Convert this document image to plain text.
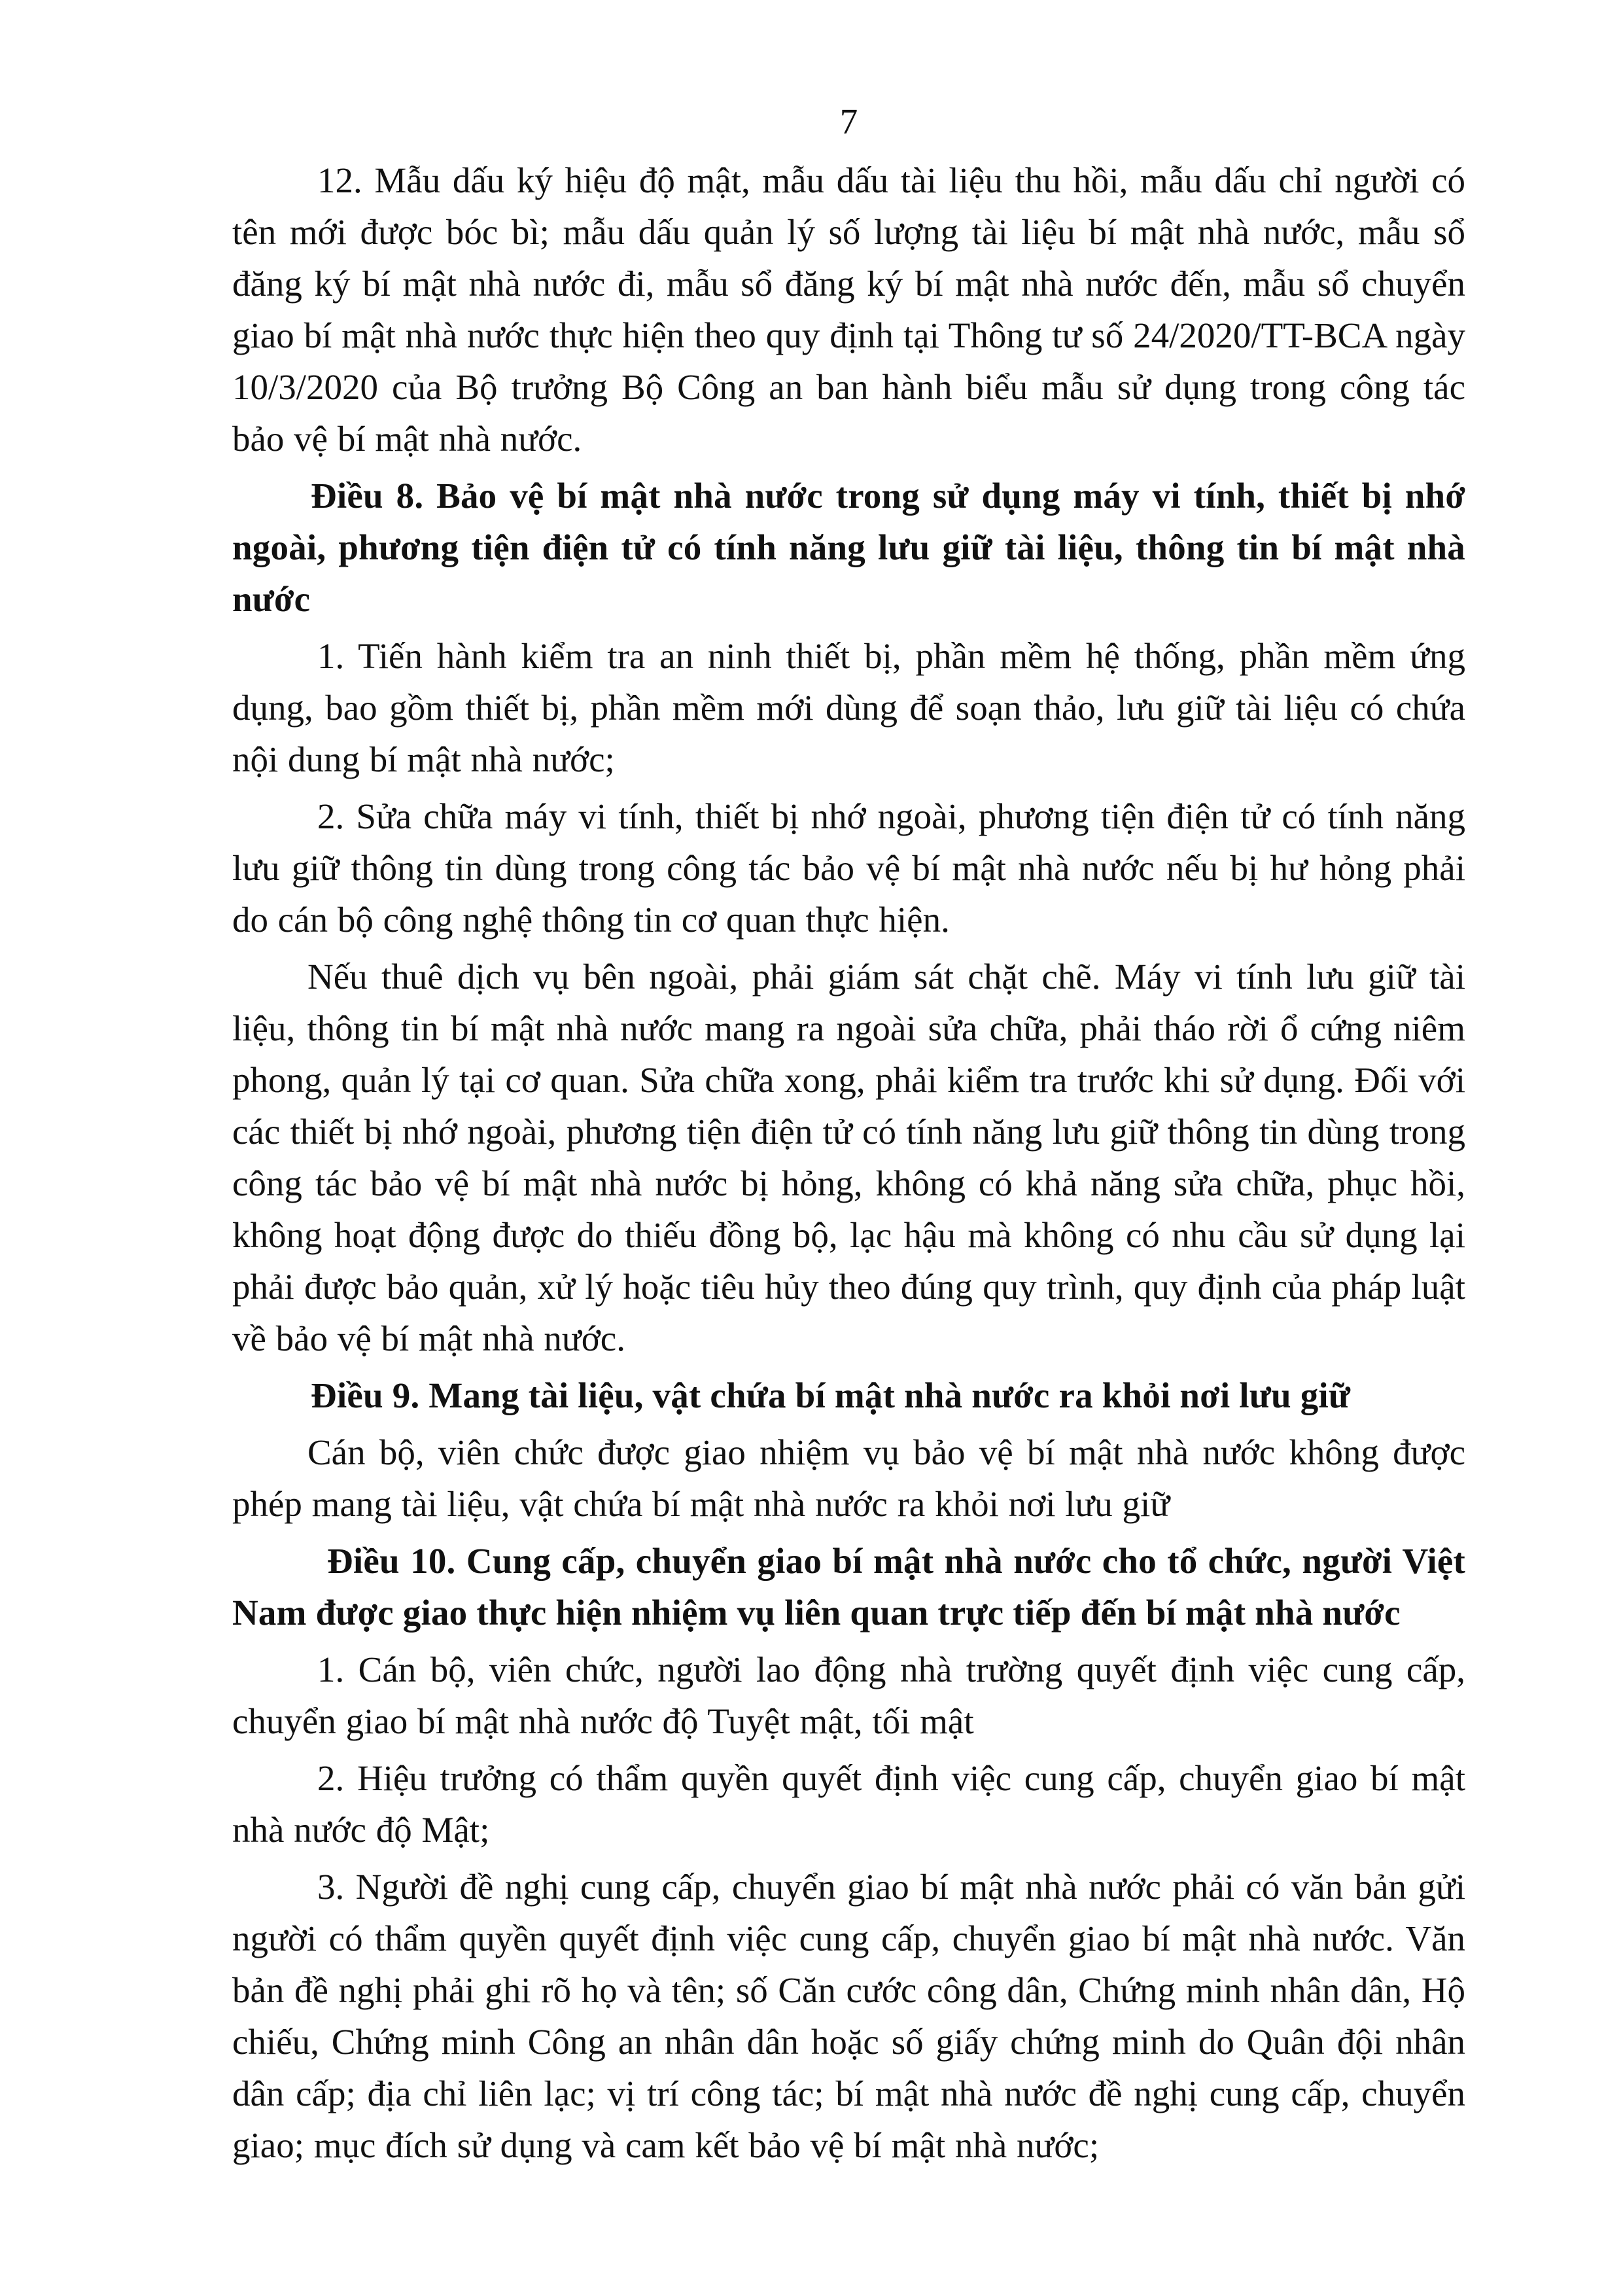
7

12. Mẫu dấu ký hiệu độ mật, mẫu dấu tài liệu thu hồi, mẫu dấu chỉ người có tên mới được bóc bì; mẫu dấu quản lý số lượng tài liệu bí mật nhà nước, mẫu sổ đăng ký bí mật nhà nước đi, mẫu sổ đăng ký bí mật nhà nước đến, mẫu sổ chuyển giao bí mật nhà nước thực hiện theo quy định tại Thông tư số 24/2020/TT-BCA ngày 10/3/2020 của Bộ trưởng Bộ Công an ban hành biểu mẫu sử dụng trong công tác bảo vệ bí mật nhà nước.

Điều 8. Bảo vệ bí mật nhà nước trong sử dụng máy vi tính, thiết bị nhớ ngoài, phương tiện điện tử có tính năng lưu giữ tài liệu, thông tin bí mật nhà nước

1. Tiến hành kiểm tra an ninh thiết bị, phần mềm hệ thống, phần mềm ứng dụng, bao gồm thiết bị, phần mềm mới dùng để soạn thảo, lưu giữ tài liệu có chứa nội dung bí mật nhà nước;

2. Sửa chữa máy vi tính, thiết bị nhớ ngoài, phương tiện điện tử có tính năng lưu giữ thông tin dùng trong công tác bảo vệ bí mật nhà nước nếu bị hư hỏng phải do cán bộ công nghệ thông tin cơ quan thực hiện.

Nếu thuê dịch vụ bên ngoài, phải giám sát chặt chẽ. Máy vi tính lưu giữ tài liệu, thông tin bí mật nhà nước mang ra ngoài sửa chữa, phải tháo rời ổ cứng niêm phong, quản lý tại cơ quan. Sửa chữa xong, phải kiểm tra trước khi sử dụng. Đối với các thiết bị nhớ ngoài, phương tiện điện tử có tính năng lưu giữ thông tin dùng trong công tác bảo vệ bí mật nhà nước bị hỏng, không có khả năng sửa chữa, phục hồi, không hoạt động được do thiếu đồng bộ, lạc hậu mà không có nhu cầu sử dụng lại phải được bảo quản, xử lý hoặc tiêu hủy theo đúng quy trình, quy định của pháp luật về bảo vệ bí mật nhà nước.

Điều 9. Mang tài liệu, vật chứa bí mật nhà nước ra khỏi nơi lưu giữ

Cán bộ, viên chức được giao nhiệm vụ bảo vệ bí mật nhà nước không được phép mang tài liệu, vật chứa bí mật nhà nước ra khỏi nơi lưu giữ

Điều 10. Cung cấp, chuyển giao bí mật nhà nước cho tổ chức, người Việt Nam được giao thực hiện nhiệm vụ liên quan trực tiếp đến bí mật nhà nước

1. Cán bộ, viên chức, người lao động nhà trường quyết định việc cung cấp, chuyển giao bí mật nhà nước độ Tuyệt mật, tối mật

2. Hiệu trưởng có thẩm quyền quyết định việc cung cấp, chuyển giao bí mật nhà nước độ Mật;

3. Người đề nghị cung cấp, chuyển giao bí mật nhà nước phải có văn bản gửi người có thẩm quyền quyết định việc cung cấp, chuyển giao bí mật nhà nước. Văn bản đề nghị phải ghi rõ họ và tên; số Căn cước công dân, Chứng minh nhân dân, Hộ chiếu, Chứng minh Công an nhân dân hoặc số giấy chứng minh do Quân đội nhân dân cấp; địa chỉ liên lạc; vị trí công tác; bí mật nhà nước đề nghị cung cấp, chuyển giao; mục đích sử dụng và cam kết bảo vệ bí mật nhà nước;
